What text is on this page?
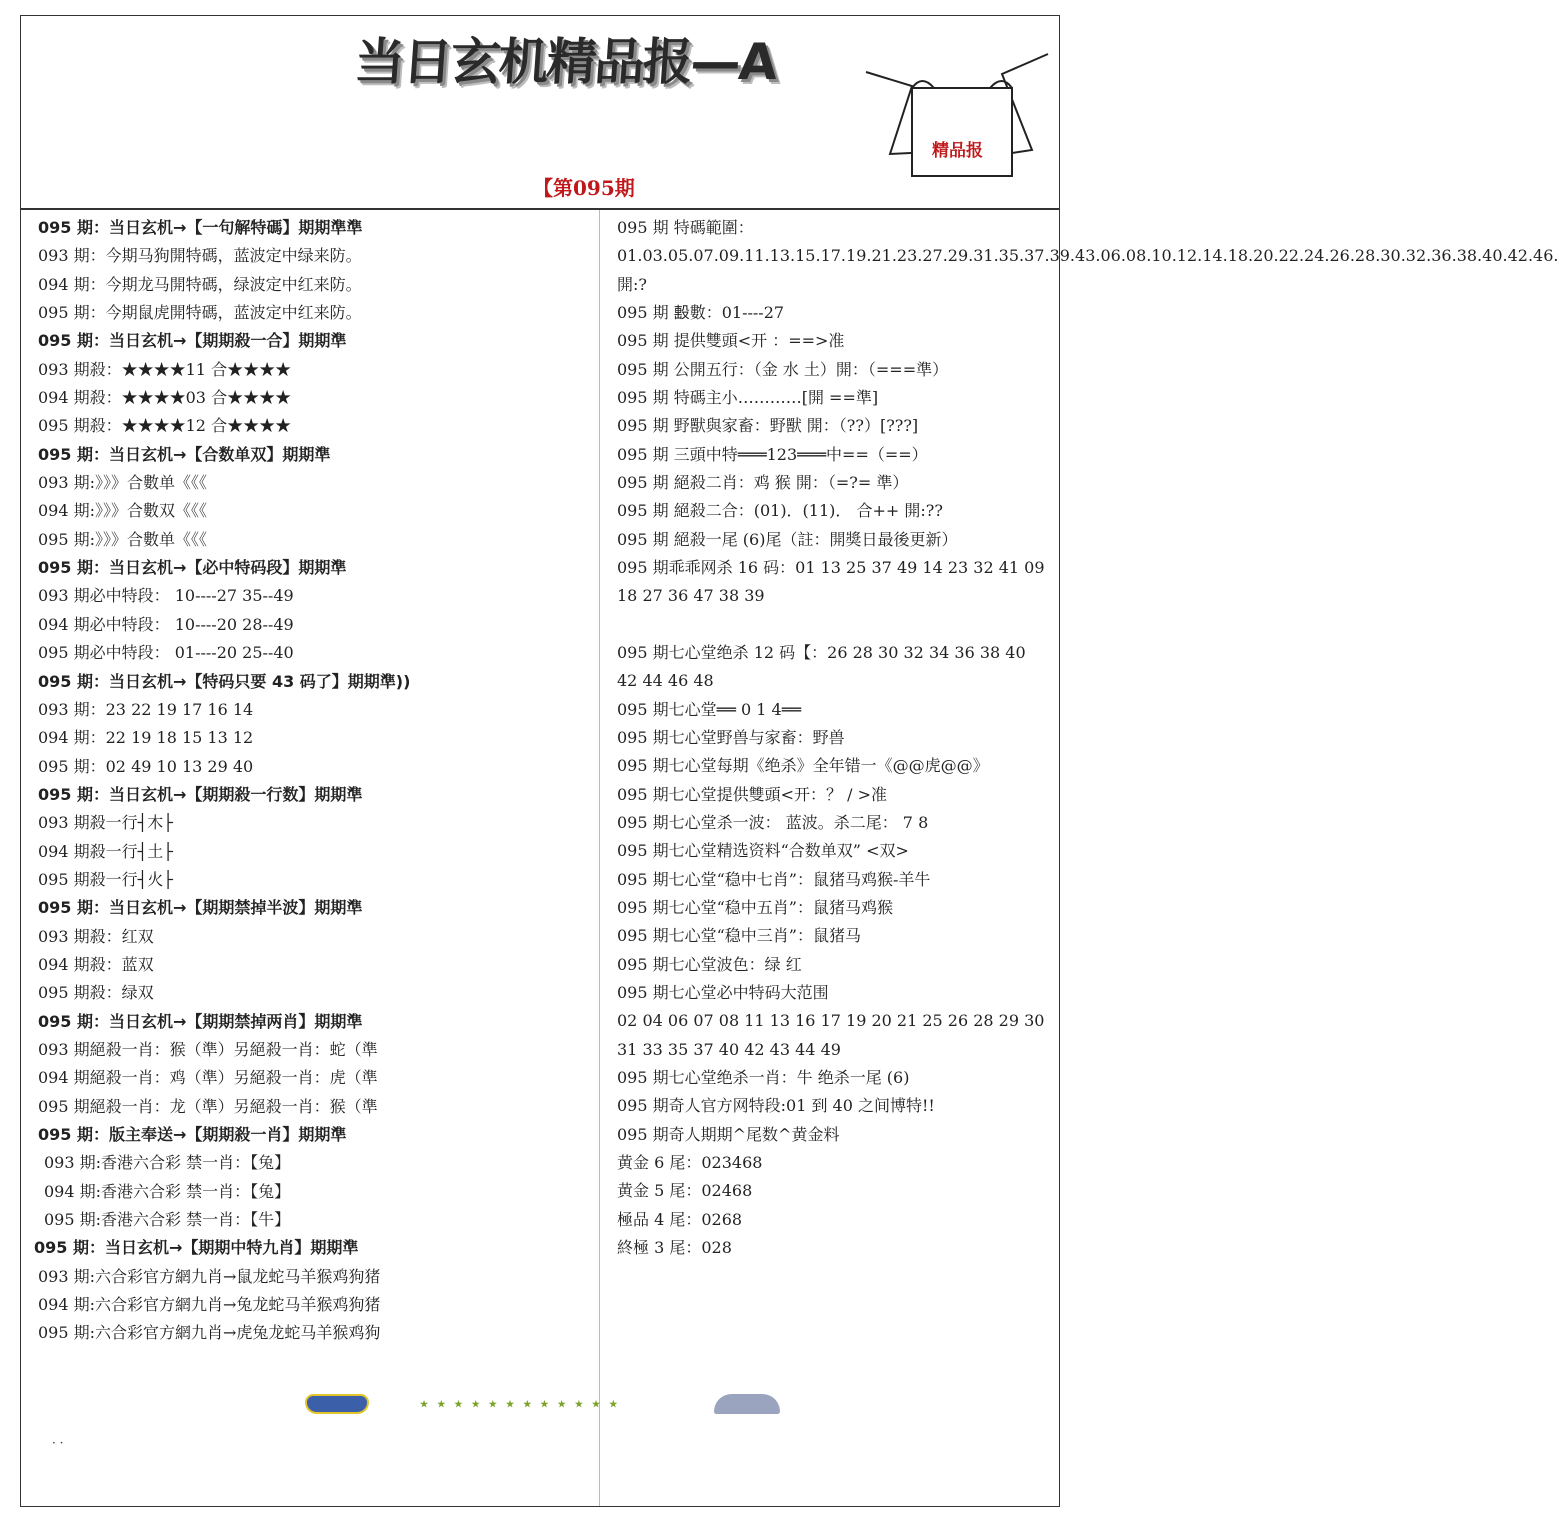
当日玄机精品报—A
精品报
【第095期
095 期：当日玄机→【一句解特碼】期期準準
093 期：今期马狗開特碼，蓝波定中绿来防。
094 期：今期龙马開特碼，绿波定中红来防。
095 期：今期鼠虎開特碼，蓝波定中红来防。
095 期：当日玄机→【期期殺一合】期期準
093 期殺：★★★★11 合★★★★
094 期殺：★★★★03 合★★★★
095 期殺：★★★★12 合★★★★
095 期：当日玄机→【合数单双】期期準
093 期:》》》合數单《《《
094 期:》》》合數双《《《
095 期:》》》合數单《《《
095 期：当日玄机→【必中特码段】期期準
093 期必中特段： 10----27 35--49
094 期必中特段： 10----20 28--49
095 期必中特段： 01----20 25--40
095 期：当日玄机→【特码只要 43 码了】期期準))
093 期：23 22 19 17 16 14
094 期：22 19 18 15 13 12
095 期：02 49 10 13 29 40
095 期：当日玄机→【期期殺一行数】期期準
093 期殺一行┤木├
094 期殺一行┤土├
095 期殺一行┤火├
095 期：当日玄机→【期期禁掉半波】期期準
093 期殺：红双
094 期殺：蓝双
095 期殺：绿双
095 期：当日玄机→【期期禁掉两肖】期期準
093 期絕殺一肖：猴（準）另絕殺一肖：蛇（準
094 期絕殺一肖：鸡（準）另絕殺一肖：虎（準
095 期絕殺一肖：龙（準）另絕殺一肖：猴（準
095 期：版主奉送→【期期殺一肖】期期準
093 期:香港六合彩 禁一肖：【兔】
094 期:香港六合彩 禁一肖：【兔】
095 期:香港六合彩 禁一肖：【牛】
095 期：当日玄机→【期期中特九肖】期期準
093 期:六合彩官方網九肖→鼠龙蛇马羊猴鸡狗猪
094 期:六合彩官方網九肖→兔龙蛇马羊猴鸡狗猪
095 期:六合彩官方網九肖→虎兔龙蛇马羊猴鸡狗
095 期 特碼範圍：
01.03.05.07.09.11.13.15.17.19.21.23.27.29.31.35.37.39.43.06.08.10.12.14.18.20.22.24.26.28.30.32.36.38.40.42.46.開:?
095 期 𣪠數：01----27
095 期 提供雙頭<开 ：==>准
095 期 公開五行：（金 水 土）開：（===準）
095 期 特碼主小…………[開 ==準]
095 期 野獸與家畜：野獸 開：（??）[???]
095 期 三頭中特═══123═══中==（==）
095 期 絕殺二肖：鸡 猴 開：（=?= 準）
095 期 絕殺二合：(01)．(11)． 合++ 開:??
095 期 絕殺一尾 (6)尾（註：開獎日最後更新）
095 期乖乖网杀 16 码：01 13 25 37 49 14 23 32 41 09 18 27 36 47 38 39
095 期七心堂绝杀 12 码【：26 28 30 32 34 36 38 40 42 44 46 48
095 期七心堂══ 0 1 4══
095 期七心堂野兽与家畜：野兽
095 期七心堂每期《绝杀》全年错一《@@虎@@》
095 期七心堂提供雙頭<开：？ / >准
095 期七心堂杀一波： 蓝波。杀二尾： 7 8
095 期七心堂精选资料“合数单双” <双>
095 期七心堂“稳中七肖”：鼠猪马鸡猴-羊牛
095 期七心堂“稳中五肖”：鼠猪马鸡猴
095 期七心堂“稳中三肖”：鼠猪马
095 期七心堂波色：绿 红
095 期七心堂必中特码大范围
02 04 06 07 08 11 13 16 17 19 20 21 25 26 28 29 30 31 33 35 37 40 42 43 44 49
095 期七心堂绝杀一肖：牛 绝杀一尾 (6)
095 期奇人官方网特段:01 到 40 之间博特!!
095 期奇人期期^尾数^黄金料
黄金 6 尾：023468
黄金 5 尾：02468
極品 4 尾：0268
終極 3 尾：028
★ ★ ★ ★ ★ ★ ★ ★ ★ ★ ★ ★
· ·
